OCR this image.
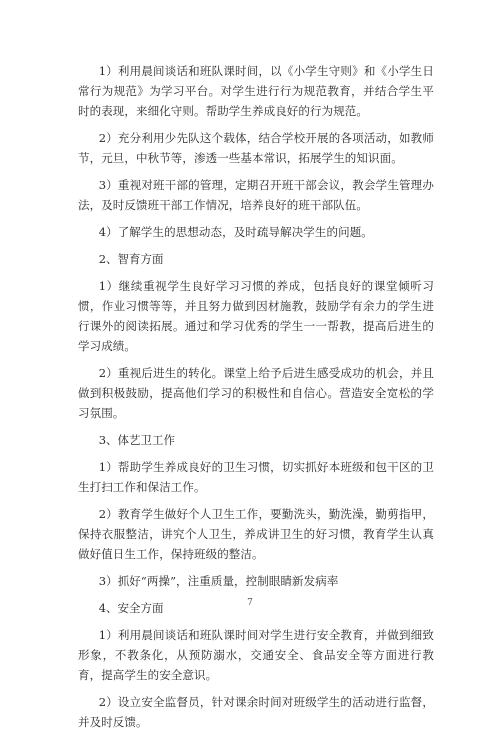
1）利用晨间谈话和班队课时间，以《小学生守则》和《小学生日常行为规范》为学习平台。对学生进行行为规范教育，并结合学生平时的表现，来细化守则。帮助学生养成良好的行为规范。

2）充分利用少先队这个载体，结合学校开展的各项活动，如教师节，元旦，中秋节等，渗透一些基本常识，拓展学生的知识面。

3）重视对班干部的管理，定期召开班干部会议，教会学生管理办法，及时反馈班干部工作情况，培养良好的班干部队伍。

4）了解学生的思想动态，及时疏导解决学生的问题。

2、智育方面

1）继续重视学生良好学习习惯的养成，包括良好的课堂倾听习惯，作业习惯等等，并且努力做到因材施教，鼓励学有余力的学生进行课外的阅读拓展。通过和学习优秀的学生一一帮教，提高后进生的学习成绩。

2）重视后进生的转化。课堂上给予后进生感受成功的机会，并且做到积极鼓励，提高他们学习的积极性和自信心。营造安全宽松的学习氛围。

3、体艺卫工作

1）帮助学生养成良好的卫生习惯，切实抓好本班级和包干区的卫生打扫工作和保洁工作。

2）教育学生做好个人卫生工作，要勤洗头，勤洗澡，勤剪指甲，保持衣服整洁，讲究个人卫生，养成讲卫生的好习惯，教育学生认真做好值日生工作，保持班级的整洁。

3）抓好“两操”，注重质量，控制眼睛新发病率

4、安全方面

1）利用晨间谈话和班队课时间对学生进行安全教育，并做到细致形象，不教条化，从预防溺水，交通安全、食品安全等方面进行教育，提高学生的安全意识。

2）设立安全监督员，针对课余时间对班级学生的活动进行监督，并及时反馈。

7
